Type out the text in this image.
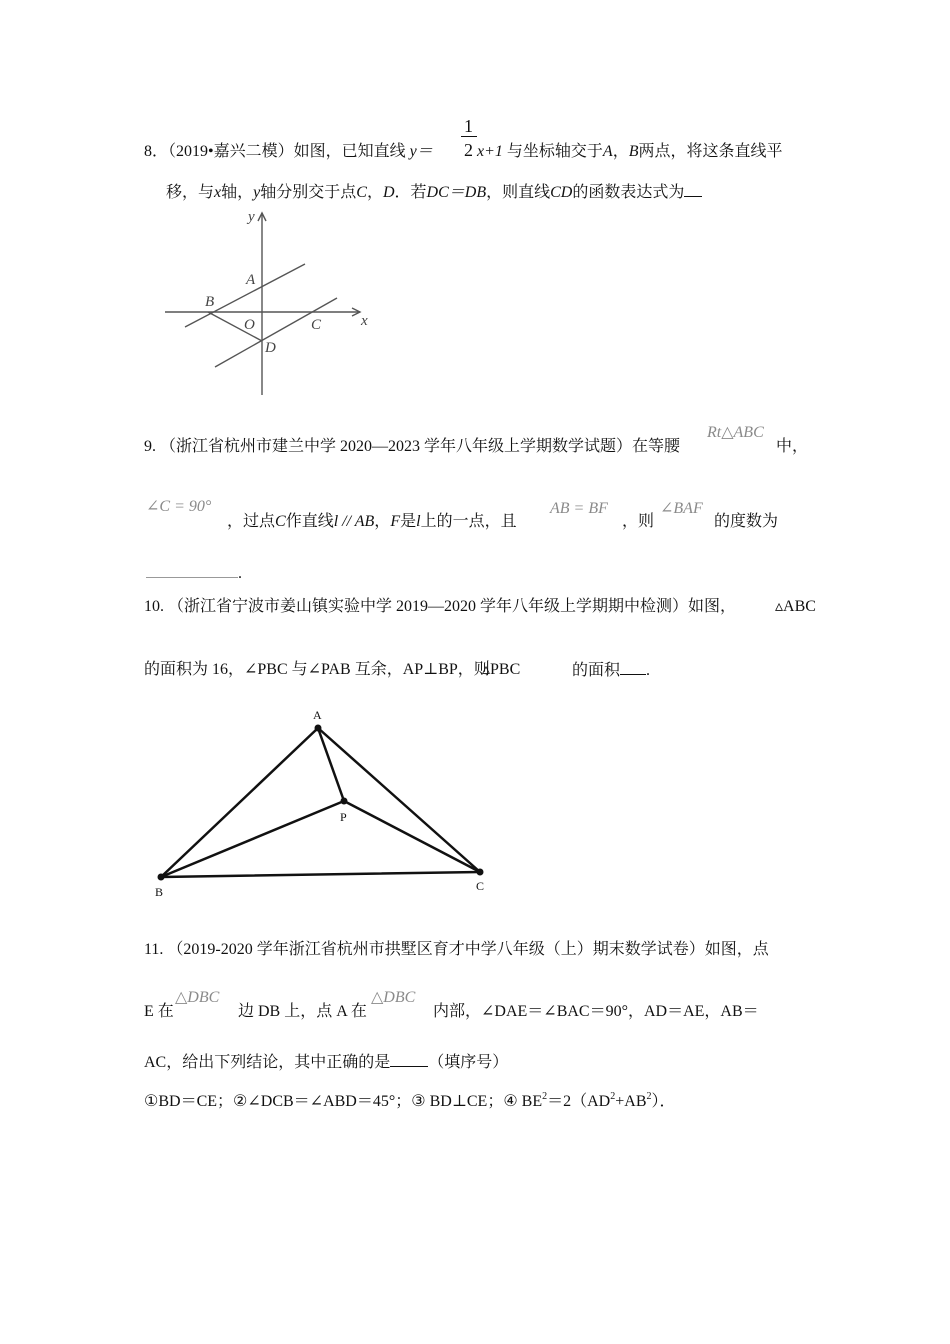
8．（2019•嘉兴二模）如图，已知直线 y＝
1
2 x+1 与坐标轴交于A，B两点，将这条直线平
移，与x轴，y轴分别交于点C，D．若DC＝DB，则直线CD的函数表达式为
y
x
A
B
O	C
D
9. （浙江省杭州市建兰中学 2020—2023 学年八年级上学期数学试题）在等腰
Rt△ABC
中，
∠C = 90°
，过点C作直线l // AB，F是l上的一点，且
AB = BF
，则
∠BAF
的度数为
.
10. （浙江省宁波市姜山镇实验中学 2019—2020 学年八年级上学期期中检测）如图， ▵ABC
的面积为 16，∠PBC 与∠PAB 互余，AP⊥BP，则
▵PBC	的面积 .
A
B	C
P
11. （2019-2020 学年浙江省杭州市拱墅区育才中学八年级（上）期末数学试卷）如图，点
E 在
△DBC
边 DB 上，点 A 在
△DBC
内部，∠DAE＝∠BAC＝90°，AD＝AE，AB＝
AC，给出下列结论，其中正确的是 （填序号）
①BD＝CE；②∠DCB＝∠ABD＝45°；③ BD⊥CE；④ $BE^2=2(AD^2+AB^2)$．
